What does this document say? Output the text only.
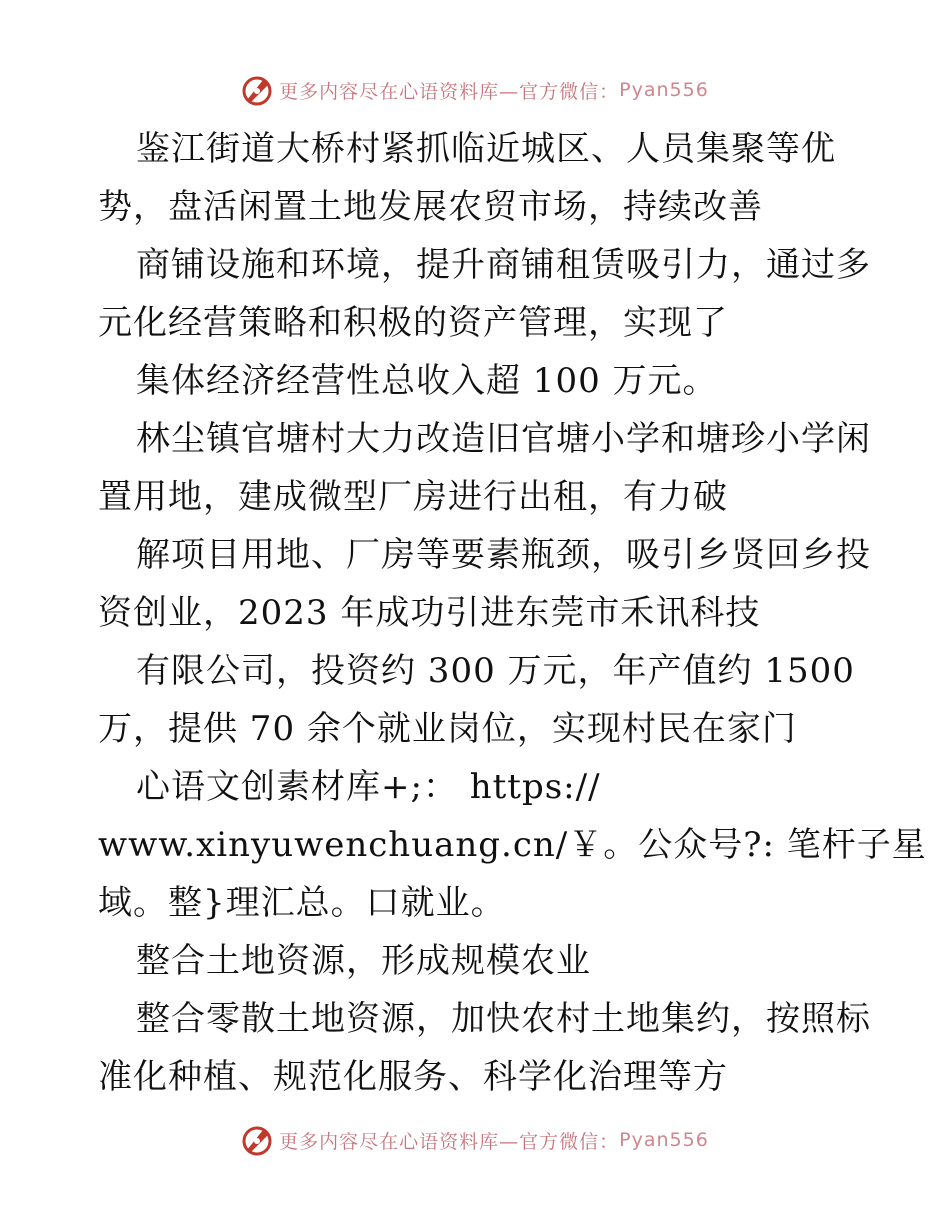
更多内容尽在心语资料库—官方微信： Pyan556
鉴江街道大桥村紧抓临近城区、人员集聚等优
势，盘活闲置土地发展农贸市场，持续改善
商铺设施和环境，提升商铺租赁吸引力，通过多
元化经营策略和积极的资产管理，实现了
集体经济经营性总收入超 100 万元。
林尘镇官塘村大力改造旧官塘小学和塘珍小学闲
置用地，建成微型厂房进行出租，有力破
解项目用地、厂房等要素瓶颈，吸引乡贤回乡投
资创业，2023 年成功引进东莞市禾讯科技
有限公司，投资约 300 万元，年产值约 1500
万，提供 70 余个就业岗位，实现村民在家门
心语文创素材库+;： https://
www.xinyuwenchuang.cn/￥。公众号?: 笔杆子星
域。整}理汇总。口就业。
整合土地资源，形成规模农业
整合零散土地资源，加快农村土地集约，按照标
准化种植、规范化服务、科学化治理等方
更多内容尽在心语资料库—官方微信： Pyan556
